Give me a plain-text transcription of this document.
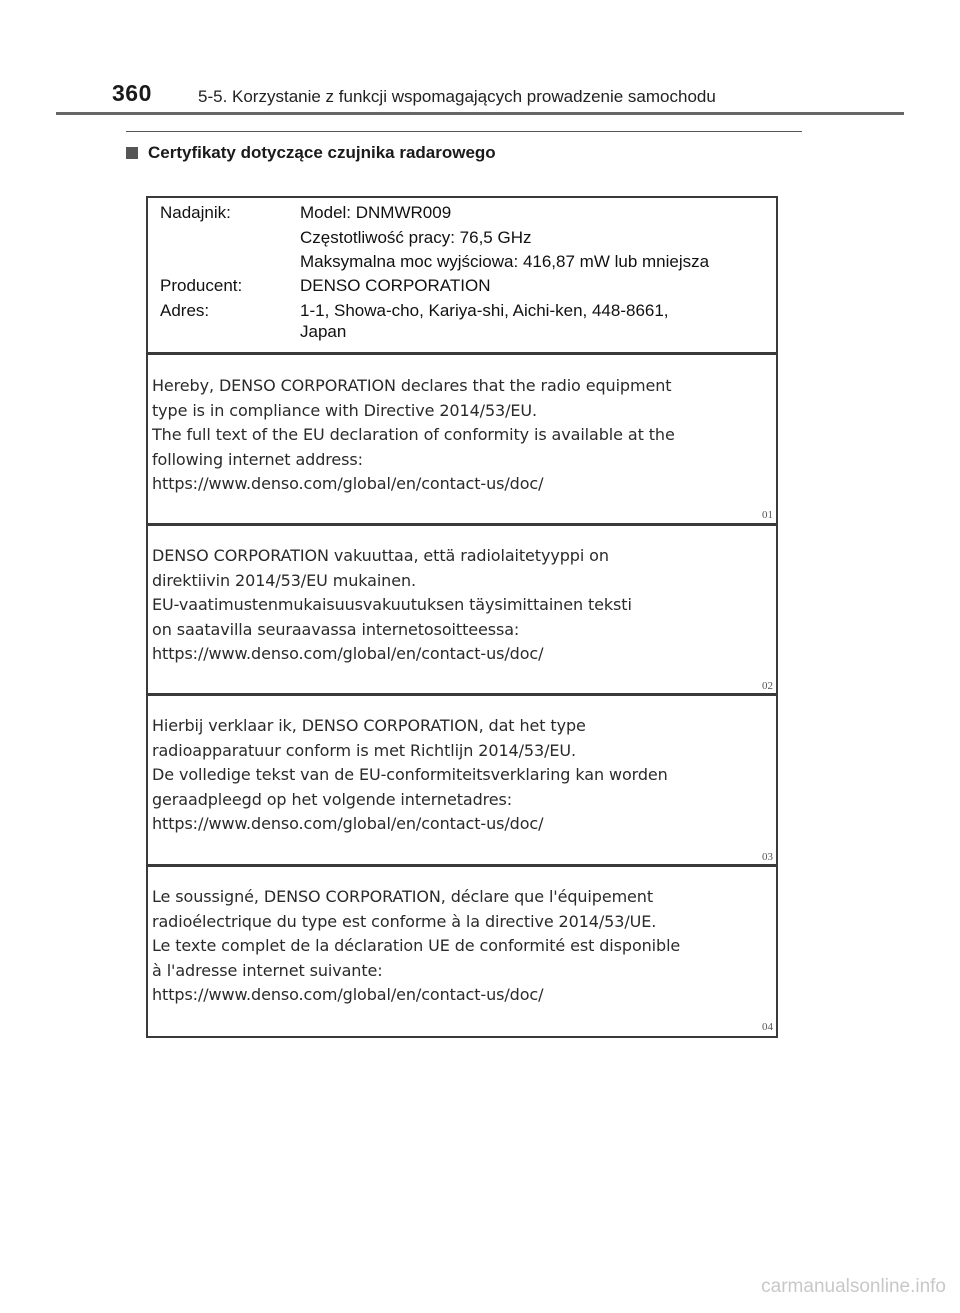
360	5-5. Korzystanie z funkcji wspomagających prowadzenie samochodu
Certyfikaty dotyczące czujnika radarowego
Nadajnik:	Model: DNMWR009
Częstotliwość pracy: 76,5 GHz
Maksymalna moc wyjściowa: 416,87 mW lub mniejsza
Producent:	DENSO CORPORATION
Adres:	1-1, Showa-cho, Kariya-shi, Aichi-ken, 448-8661,
Japan
Hereby, DENSO CORPORATION declares that the radio equipment
type is in compliance with Directive 2014/53/EU.
The full text of the EU declaration of conformity is available at the
following internet address:
https://www.denso.com/global/en/contact-us/doc/
01
DENSO CORPORATION vakuuttaa, että radiolaitetyyppi on
direktiivin 2014/53/EU mukainen.
EU-vaatimustenmukaisuusvakuutuksen täysimittainen teksti
on saatavilla seuraavassa internetosoitteessa:
https://www.denso.com/global/en/contact-us/doc/
02
Hierbij verklaar ik, DENSO CORPORATION, dat het type
radioapparatuur conform is met Richtlijn 2014/53/EU.
De volledige tekst van de EU-conformiteitsverklaring kan worden
geraadpleegd op het volgende internetadres:
https://www.denso.com/global/en/contact-us/doc/
03
Le soussigné, DENSO CORPORATION, déclare que l'équipement
radioélectrique du type est conforme à la directive 2014/53/UE.
Le texte complet de la déclaration UE de conformité est disponible
à l'adresse internet suivante:
https://www.denso.com/global/en/contact-us/doc/
04
carmanualsonline.info
